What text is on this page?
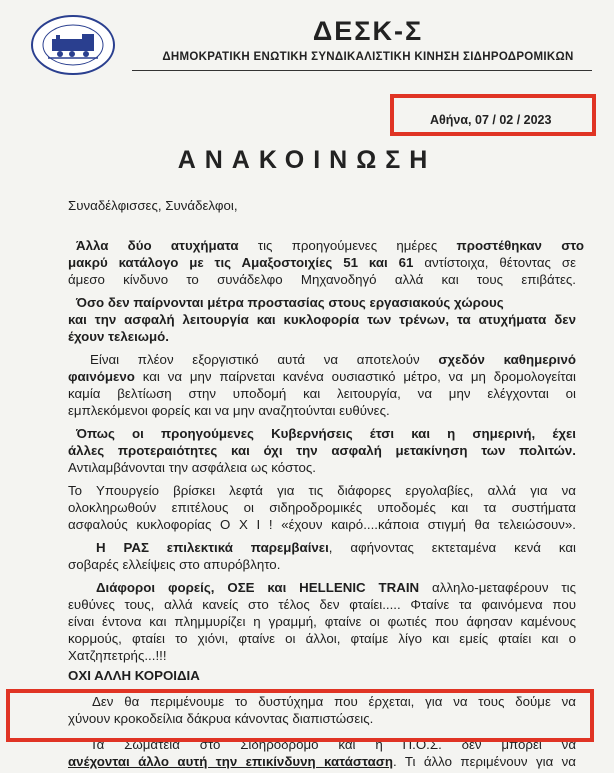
ΔΕΣΚ-Σ
ΔΗΜΟΚΡΑΤΙΚΗ ΕΝΩΤΙΚΗ ΣΥΝΔΙΚΑΛΙΣΤΙΚΗ ΚΙΝΗΣΗ ΣΙΔΗΡΟΔΡΟΜΙΚΩΝ
Αθήνα, 07 / 02 / 2023
ΑΝΑΚΟΙΝΩΣΗ
Συναδέλφισσες, Συνάδελφοι,
Άλλα δύο ατυχήματα τις προηγούμενες ημέρες προστέθηκαν στο
μακρύ κατάλογο με τις Αμαξοστοιχίες 51 και 61 αντίστοιχα, θέτοντας σε
άμεσο κίνδυνο το συνάδελφο Μηχανοδηγό αλλά και τους επιβάτες.
Όσο δεν παίρνονται μέτρα προστασίας στους εργασιακούς χώρους
και την ασφαλή λειτουργία και κυκλοφορία των τρένων, τα ατυχήματα δεν
έχουν τελειωμό.
Είναι πλέον εξοργιστικό αυτά να αποτελούν σχεδόν καθημερινό
φαινόμενο και να μην παίρνεται κανένα ουσιαστικό μέτρο, να μη δρομολογείται
καμία βελτίωση στην υποδομή και λειτουργία, να μην ελέγχονται οι
εμπλεκόμενοι φορείς και να μην αναζητούνται ευθύνες.
Όπως οι προηγούμενες Κυβερνήσεις έτσι και η σημερινή, έχει
άλλες προτεραιότητες και όχι την ασφαλή μετακίνηση των πολιτών.
Αντιλαμβάνονται την ασφάλεια ως κόστος.
Το Υπουργείο βρίσκει λεφτά για τις διάφορες εργολαβίες, αλλά για να
ολοκληρωθούν επιτέλους οι σιδηροδρομικές υποδομές και τα συστήματα
ασφαλούς κυκλοφορίας Ο Χ Ι ! «έχουν καιρό....κάποια στιγμή θα τελειώσουν».
Η ΡΑΣ επιλεκτικά παρεμβαίνει, αφήνοντας εκτεταμένα κενά και
σοβαρές ελλείψεις στο απυρόβλητο.
Διάφοροι φορείς, ΟΣΕ και HELLENIC TRAIN αλληλο-μεταφέρουν τις
ευθύνες τους, αλλά κανείς στο τέλος δεν φταίει..... Φταίνε τα φαινόμενα που
είναι έντονα και πλημμυρίζει η γραμμή, φταίνε οι φωτιές που άφησαν καμένους
κορμούς, φταίει το χιόνι, φταίνε οι άλλοι, φταίμε λίγο και εμείς φταίει και ο
Χατζηπετρής...!!!
ΟΧΙ ΑΛΛΗ ΚΟΡΟΙΔΙΑ
Δεν θα περιμένουμε το δυστύχημα που έρχεται, για να τους δούμε να
χύνουν κροκοδείλια δάκρυα κάνοντας διαπιστώσεις.
Τα Σωματεία στο Σιδηρόδρομο και η Π.Ο.Σ. δεν μπορεί να
ανέχονται άλλο αυτή την επικίνδυνη κατάσταση. Τι άλλο περιμένουν για να
